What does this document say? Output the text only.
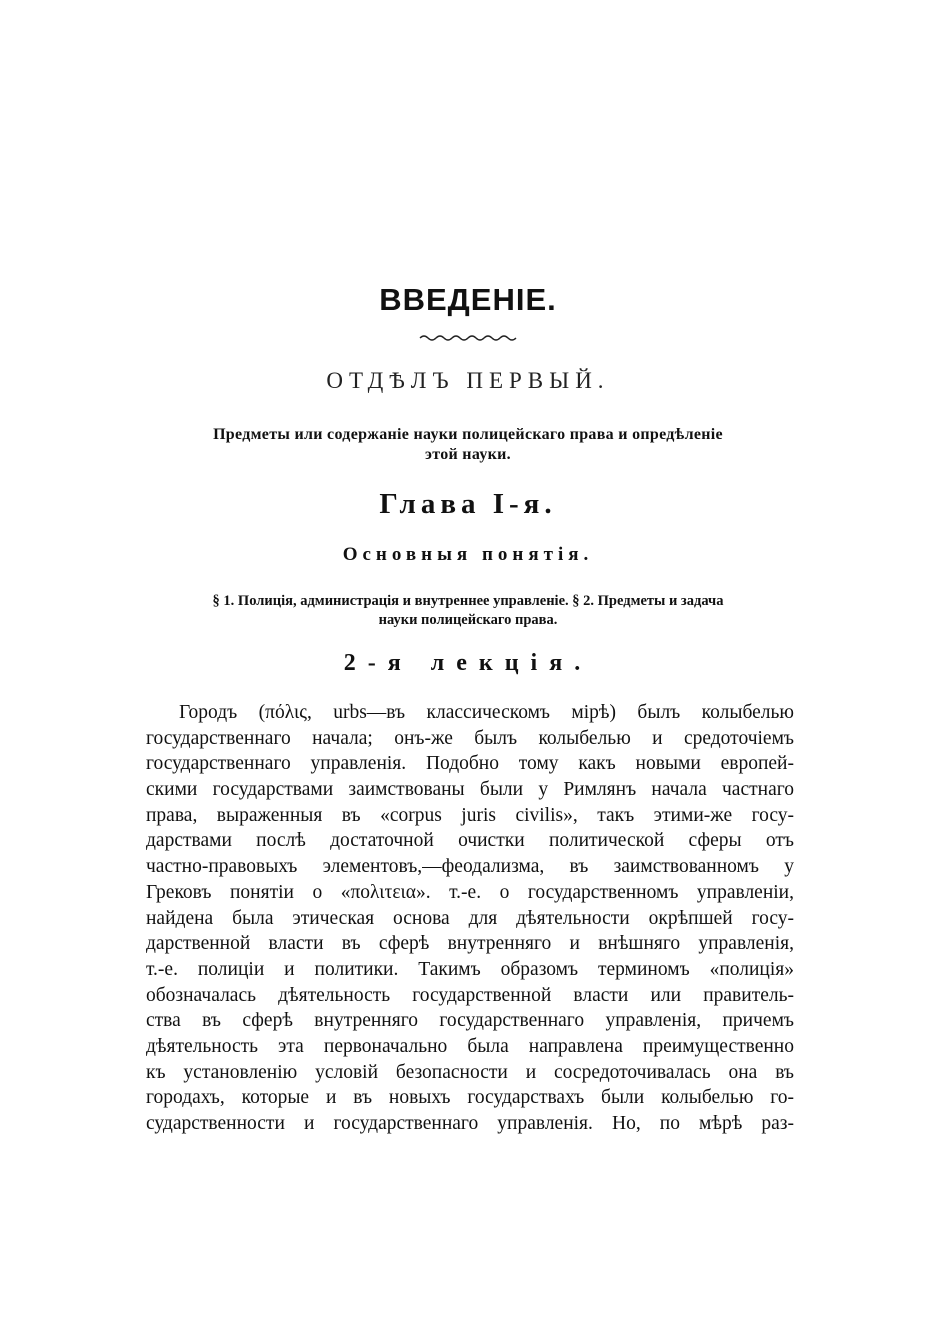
ВВЕДЕНІЕ.
ОТДѢЛЪ ПЕРВЫЙ.
Предметы или содержаніе науки полицейскаго права и опредѣленіе
этой науки.
Глава I-я.
Основныя понятія.
§ 1. Полиція, администрація и внутреннее управленіе. § 2. Предметы и задача
науки полицейскаго права.
2-я лекція.
Городъ (πόλις, urbs—въ классическомъ мірѣ) былъ колыбелью
государственнаго начала; онъ-же былъ колыбелью и средоточіемъ
государственнаго управленія. Подобно тому какъ новыми европей-
скими государствами заимствованы были у Римлянъ начала частнаго
права, выраженныя въ «corpus juris civilis», такъ этими-же госу-
дарствами послѣ достаточной очистки политической сферы отъ
частно-правовыхъ элементовъ,—феодализма, въ заимствованномъ у
Грековъ понятіи о «πολιτεια». т.-е. о государственномъ управленіи,
найдена была этическая основа для дѣятельности окрѣпшей госу-
дарственной власти въ сферѣ внутренняго и внѣшняго управленія,
т.-е. полиціи и политики. Такимъ образомъ терминомъ «полиція»
обозначалась дѣятельность государственной власти или правитель-
ства въ сферѣ внутренняго государственнаго управленія, причемъ
дѣятельность эта первоначально была направлена преимущественно
къ установленію условій безопасности и сосредоточивалась она въ
городахъ, которые и въ новыхъ государствахъ были колыбелью го-
сударственности и государственнаго управленія. Но, по мѣрѣ раз-
